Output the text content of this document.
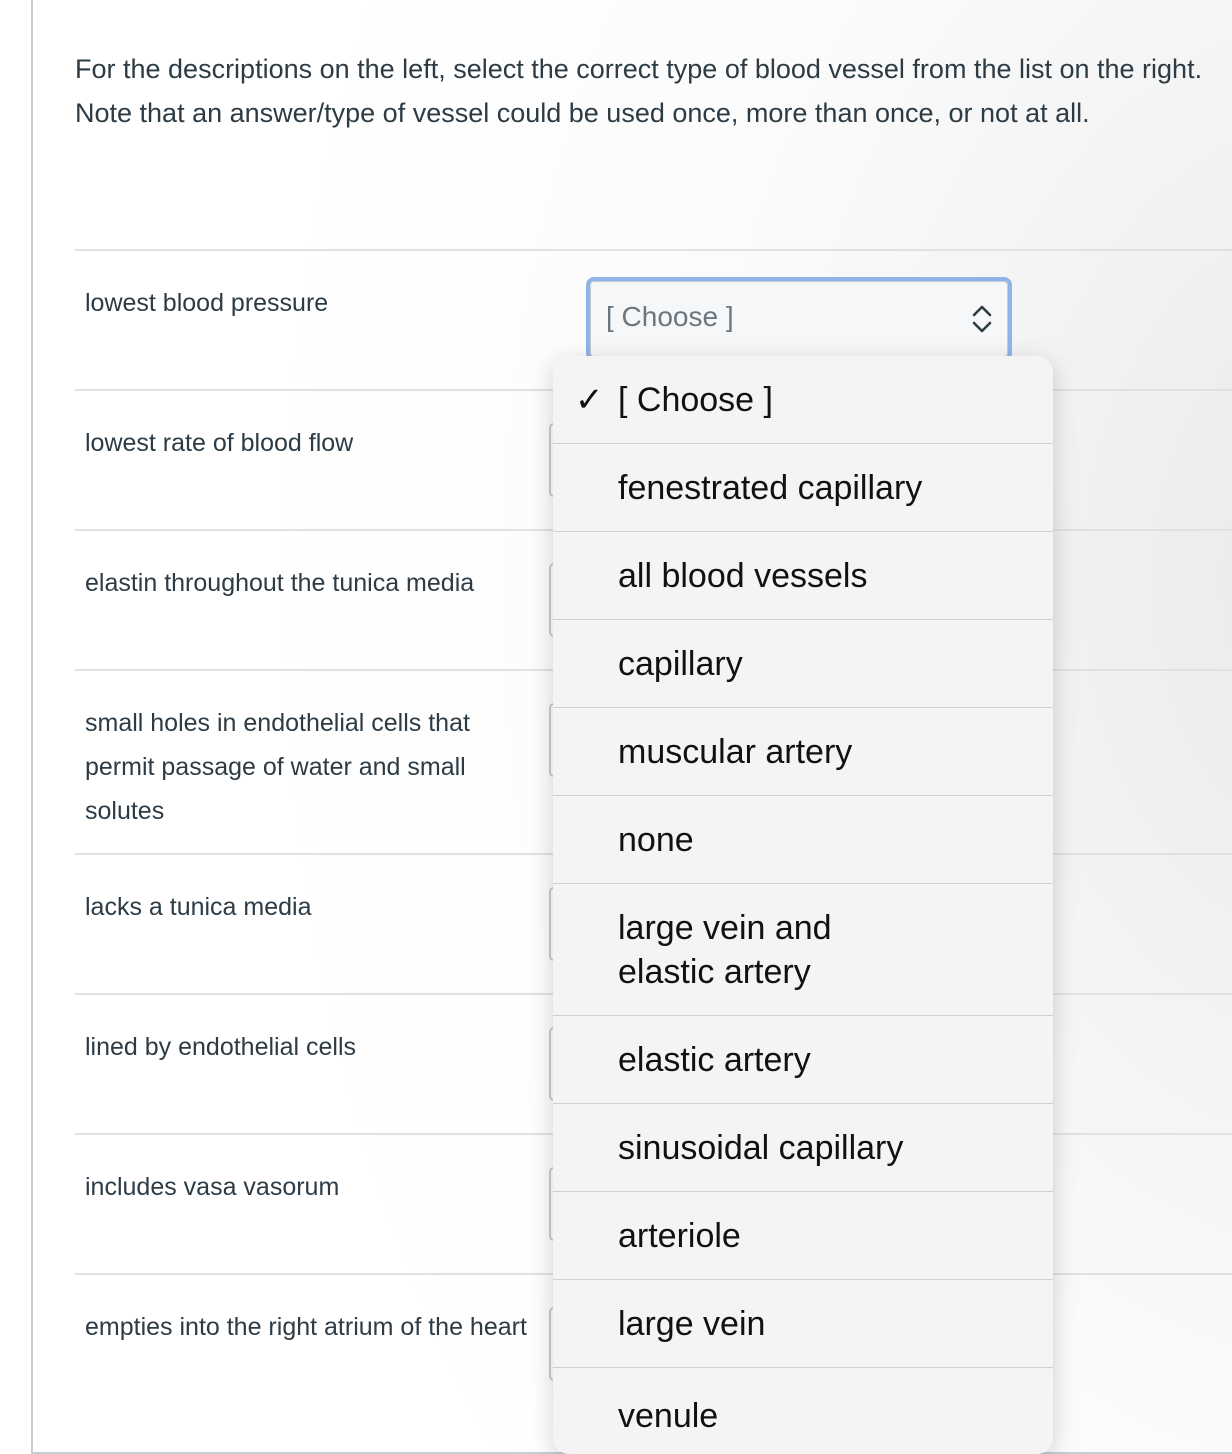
For the descriptions on the left, select the correct type of blood vessel from the list on the right. Note that an answer/type of vessel could be used once, more than once, or not at all.
lowest blood pressure	[ Choose ]
lowest rate of blood flow
elastin throughout the tunica media
small holes in endothelial cells that permit passage of water and small solutes
lacks a tunica media
lined by endothelial cells
includes vasa vasorum
empties into the right atrium of the heart
✓ [ Choose ]
fenestrated capillary
all blood vessels
capillary
muscular artery
none
large vein and elastic artery
elastic artery
sinusoidal capillary
arteriole
large vein
venule
